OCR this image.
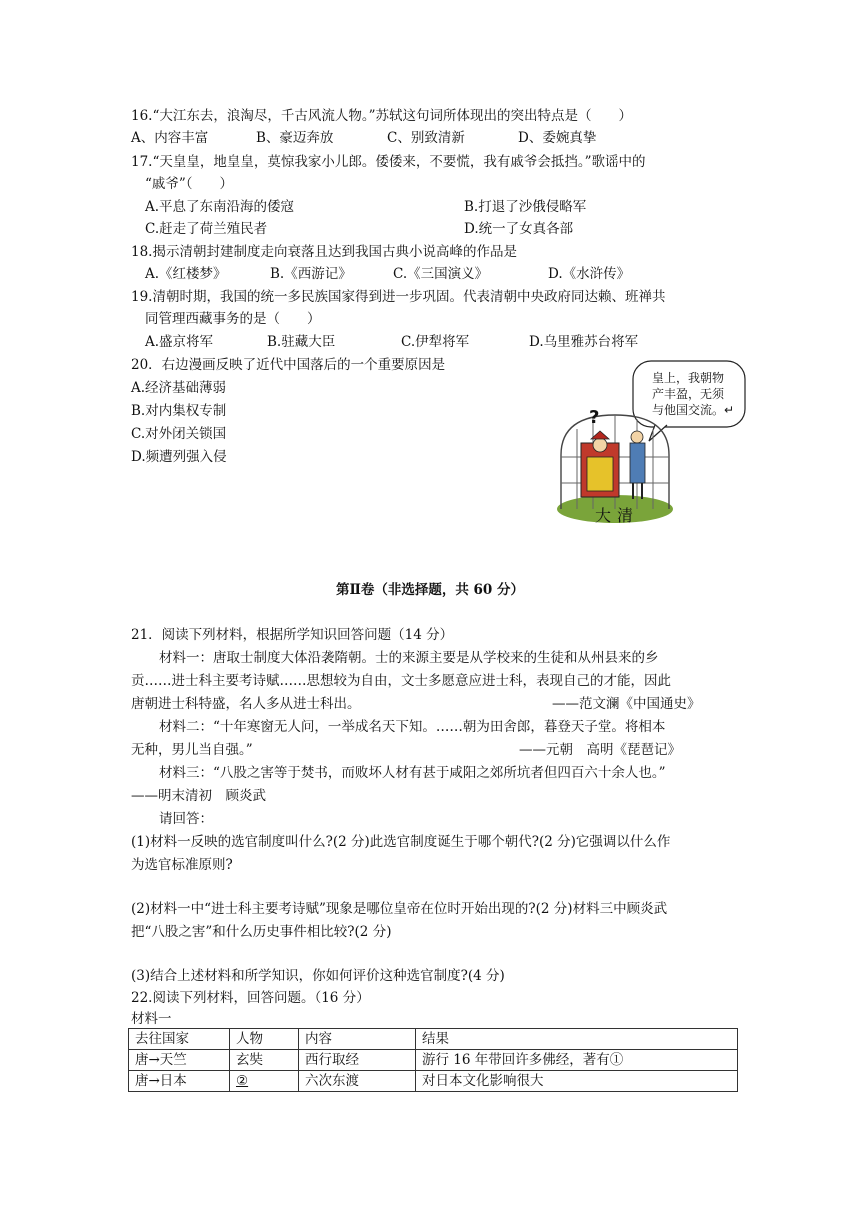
16.“大江东去，浪淘尽，千古风流人物。”苏轼这句词所体现出的突出特点是（　　）
A、内容丰富	B、豪迈奔放	C、别致清新	D、委婉真挚
17.“天皇皇，地皇皇，莫惊我家小儿郎。倭倭来，不要慌，我有戚爷会抵挡。”歌谣中的
“戚爷”（　　）
A.平息了东南沿海的倭寇	B.打退了沙俄侵略军
C.赶走了荷兰殖民者	D.统一了女真各部
18.揭示清朝封建制度走向衰落且达到我国古典小说高峰的作品是
A.《红楼梦》	B.《西游记》	C.《三国演义》	D.《水浒传》
19.清朝时期，我国的统一多民族国家得到进一步巩固。代表清朝中央政府同达赖、班禅共
同管理西藏事务的是（　　）
A.盛京将军	B.驻藏大臣	C.伊犁将军	D.乌里雅苏台将军
20．右边漫画反映了近代中国落后的一个重要原因是
A.经济基础薄弱
B.对内集权专制
C.对外闭关锁国
D.频遭列强入侵
皇上，我朝物
产丰盈，无须
与他国交流。↵
?
大清
第Ⅱ卷（非选择题，共 60 分）
21．阅读下列材料，根据所学知识回答问题（14 分）
材料一：唐取士制度大体沿袭隋朝。士的来源主要是从学校来的生徒和从州县来的乡
贡……进士科主要考诗赋……思想较为自由，文士多愿意应进士科，表现自己的才能，因此
唐朝进士科特盛，名人多从进士科出。	——范文澜《中国通史》
材料二：“十年寒窗无人问，一举成名天下知。……朝为田舍郎，暮登天子堂。将相本
无种，男儿当自强。”	——元朝　高明《琵琶记》
材料三：“八股之害等于焚书，而败坏人材有甚于咸阳之郊所坑者但四百六十余人也。”
——明末清初　顾炎武
请回答：
(1)材料一反映的选官制度叫什么?(2 分)此选官制度诞生于哪个朝代?(2 分)它强调以什么作
为选官标准原则?
(2)材料一中“进士科主要考诗赋”现象是哪位皇帝在位时开始出现的?(2 分)材料三中顾炎武
把“八股之害”和什么历史事件相比较?(2 分)
(3)结合上述材料和所学知识，你如何评价这种选官制度?(4 分)
22.阅读下列材料，回答问题。（16 分）
材料一
去往国家	人物	内容	结果
唐→天竺	玄奘	西行取经	游行 16 年带回许多佛经，著有①
唐→日本	②	六次东渡	对日本文化影响很大
